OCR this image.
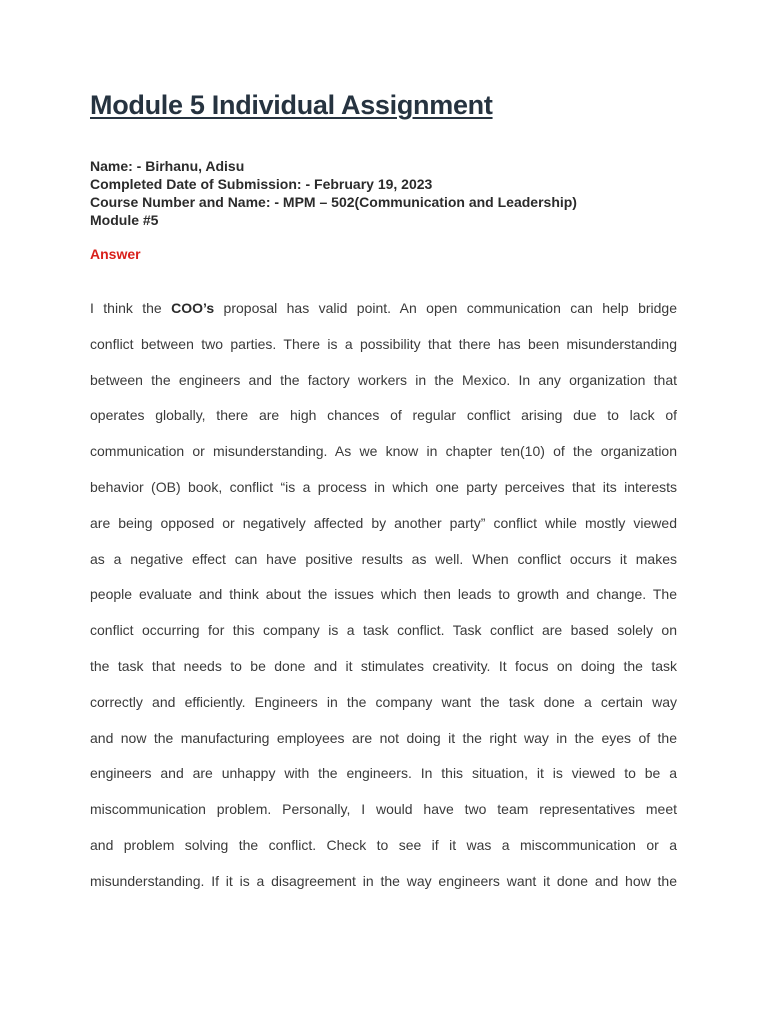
Module 5 Individual Assignment
Name: - Birhanu, Adisu
Completed Date of Submission: - February 19, 2023
Course Number and Name: - MPM – 502(Communication and Leadership)
Module #5
Answer
I think the COO’s proposal has valid point. An open communication can help bridge
conflict between two parties. There is a possibility that there has been misunderstanding
between the engineers and the factory workers in the Mexico. In any organization that
operates globally, there are high chances of regular conflict arising due to lack of
communication or misunderstanding. As we know in chapter ten(10) of the organization
behavior (OB) book, conflict “is a process in which one party perceives that its interests
are being opposed or negatively affected by another party” conflict while mostly viewed
as a negative effect can have positive results as well. When conflict occurs it makes
people evaluate and think about the issues which then leads to growth and change. The
conflict occurring for this company is a task conflict. Task conflict are based solely on
the task that needs to be done and it stimulates creativity. It focus on doing the task
correctly and efficiently. Engineers in the company want the task done a certain way
and now the manufacturing employees are not doing it the right way in the eyes of the
engineers and are unhappy with the engineers. In this situation, it is viewed to be a
miscommunication problem. Personally, I would have two team representatives meet
and problem solving the conflict. Check to see if it was a miscommunication or a
misunderstanding. If it is a disagreement in the way engineers want it done and how the
